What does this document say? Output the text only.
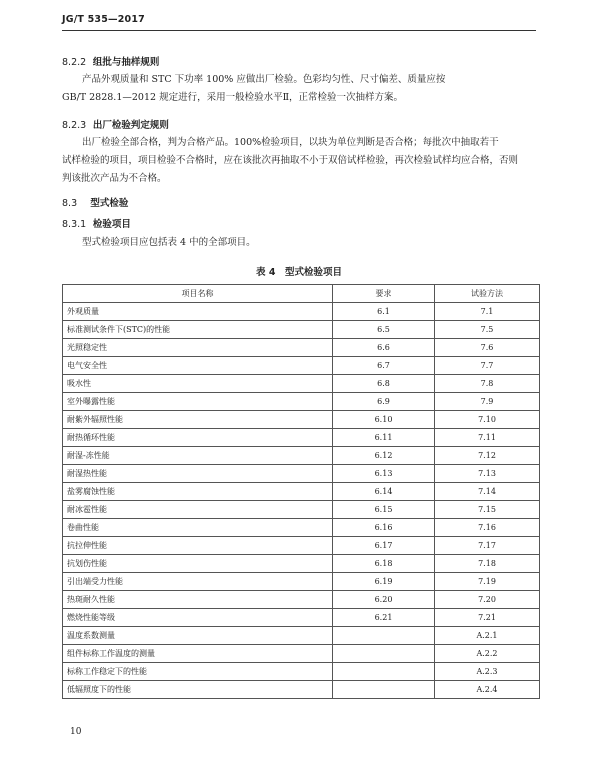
JG/T 535—2017
8.2.2 组批与抽样规则
产品外观质量和 STC 下功率 100% 应做出厂检验。色彩均匀性、尺寸偏差、质量应按
GB/T 2828.1—2012 规定进行，采用一般检验水平Ⅱ，正常检验一次抽样方案。
8.2.3 出厂检验判定规则
出厂检验全部合格，判为合格产品。100%检验项目，以块为单位判断是否合格；每批次中抽取若干
试样检验的项目，项目检验不合格时，应在该批次再抽取不小于双倍试样检验，再次检验试样均应合格，否则
判该批次产品为不合格。
8.3 型式检验
8.3.1 检验项目
型式检验项目应包括表 4 中的全部项目。
表 4　型式检验项目
项目名称	要求	试验方法
外观质量	6.1	7.1
标准测试条件下(STC)的性能	6.5	7.5
光照稳定性	6.6	7.6
电气安全性	6.7	7.7
吸水性	6.8	7.8
室外曝露性能	6.9	7.9
耐紫外辐照性能	6.10	7.10
耐热循环性能	6.11	7.11
耐湿-冻性能	6.12	7.12
耐湿热性能	6.13	7.13
盐雾腐蚀性能	6.14	7.14
耐冰雹性能	6.15	7.15
卷曲性能	6.16	7.16
抗拉伸性能	6.17	7.17
抗划伤性能	6.18	7.18
引出端受力性能	6.19	7.19
热斑耐久性能	6.20	7.20
燃烧性能等级	6.21	7.21
温度系数测量		A.2.1
组件标称工作温度的测量		A.2.2
标称工作稳定下的性能		A.2.3
低辐照度下的性能		A.2.4
10
